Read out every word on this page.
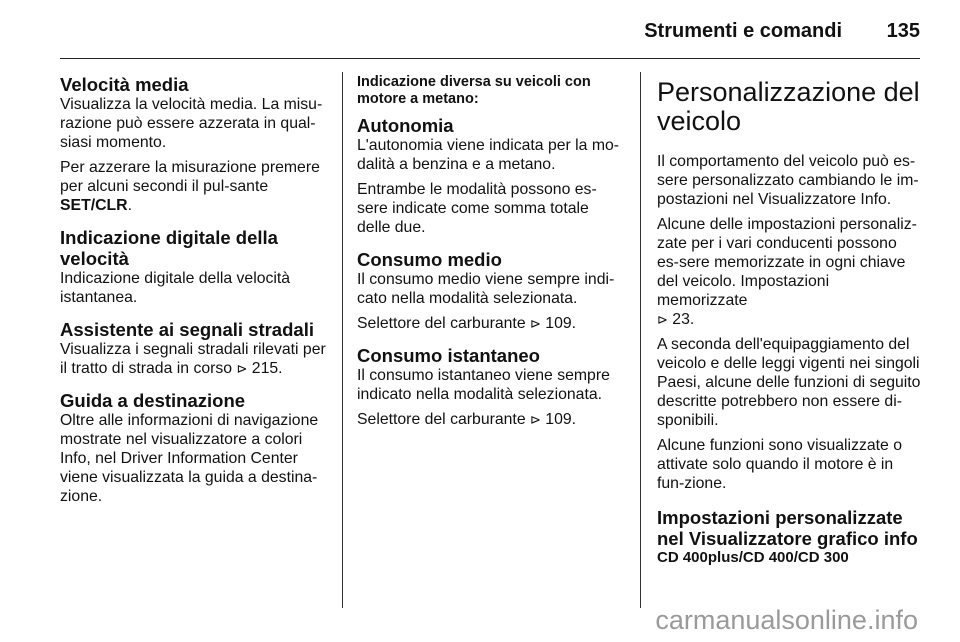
Strumenti e comandi 135
Velocità media

Visualizza la velocità media. La misu-razione può essere azzerata in qual-siasi momento.

Per azzerare la misurazione premere per alcuni secondi il pul-sante SET/CLR.

Indicazione digitale della velocità

Indicazione digitale della velocità istantanea.

Assistente ai segnali stradali

Visualizza i segnali stradali rilevati per il tratto di strada in corso ⊳ 215.

Guida a destinazione

Oltre alle informazioni di navigazione mostrate nel visualizzatore a colori Info, nel Driver Information Center viene visualizzata la guida a destina-zione.

Indicazione diversa su veicoli con motore a metano:
Autonomia

L'autonomia viene indicata per la mo-dalità a benzina e a metano.

Entrambe le modalità possono es-sere indicate come somma totale delle due.

Consumo medio

Il consumo medio viene sempre indi-cato nella modalità selezionata.

Selettore del carburante ⊳ 109.

Consumo istantaneo

Il consumo istantaneo viene sempre indicato nella modalità selezionata.

Selettore del carburante ⊳ 109.

Personalizzazione del veicolo

Il comportamento del veicolo può es-sere personalizzato cambiando le im-postazioni nel Visualizzatore Info.

Alcune delle impostazioni personaliz-zate per i vari conducenti possono es-sere memorizzate in ogni chiave del veicolo. Impostazioni memorizzate
⊳ 23.

A seconda dell'equipaggiamento del veicolo e delle leggi vigenti nei singoli Paesi, alcune delle funzioni di seguito descritte potrebbero non essere di-sponibili.

Alcune funzioni sono visualizzate o attivate solo quando il motore è in fun-zione.

Impostazioni personalizzate nel Visualizzatore grafico info
CD 400plus/CD 400/CD 300
carmanualsonline.info
